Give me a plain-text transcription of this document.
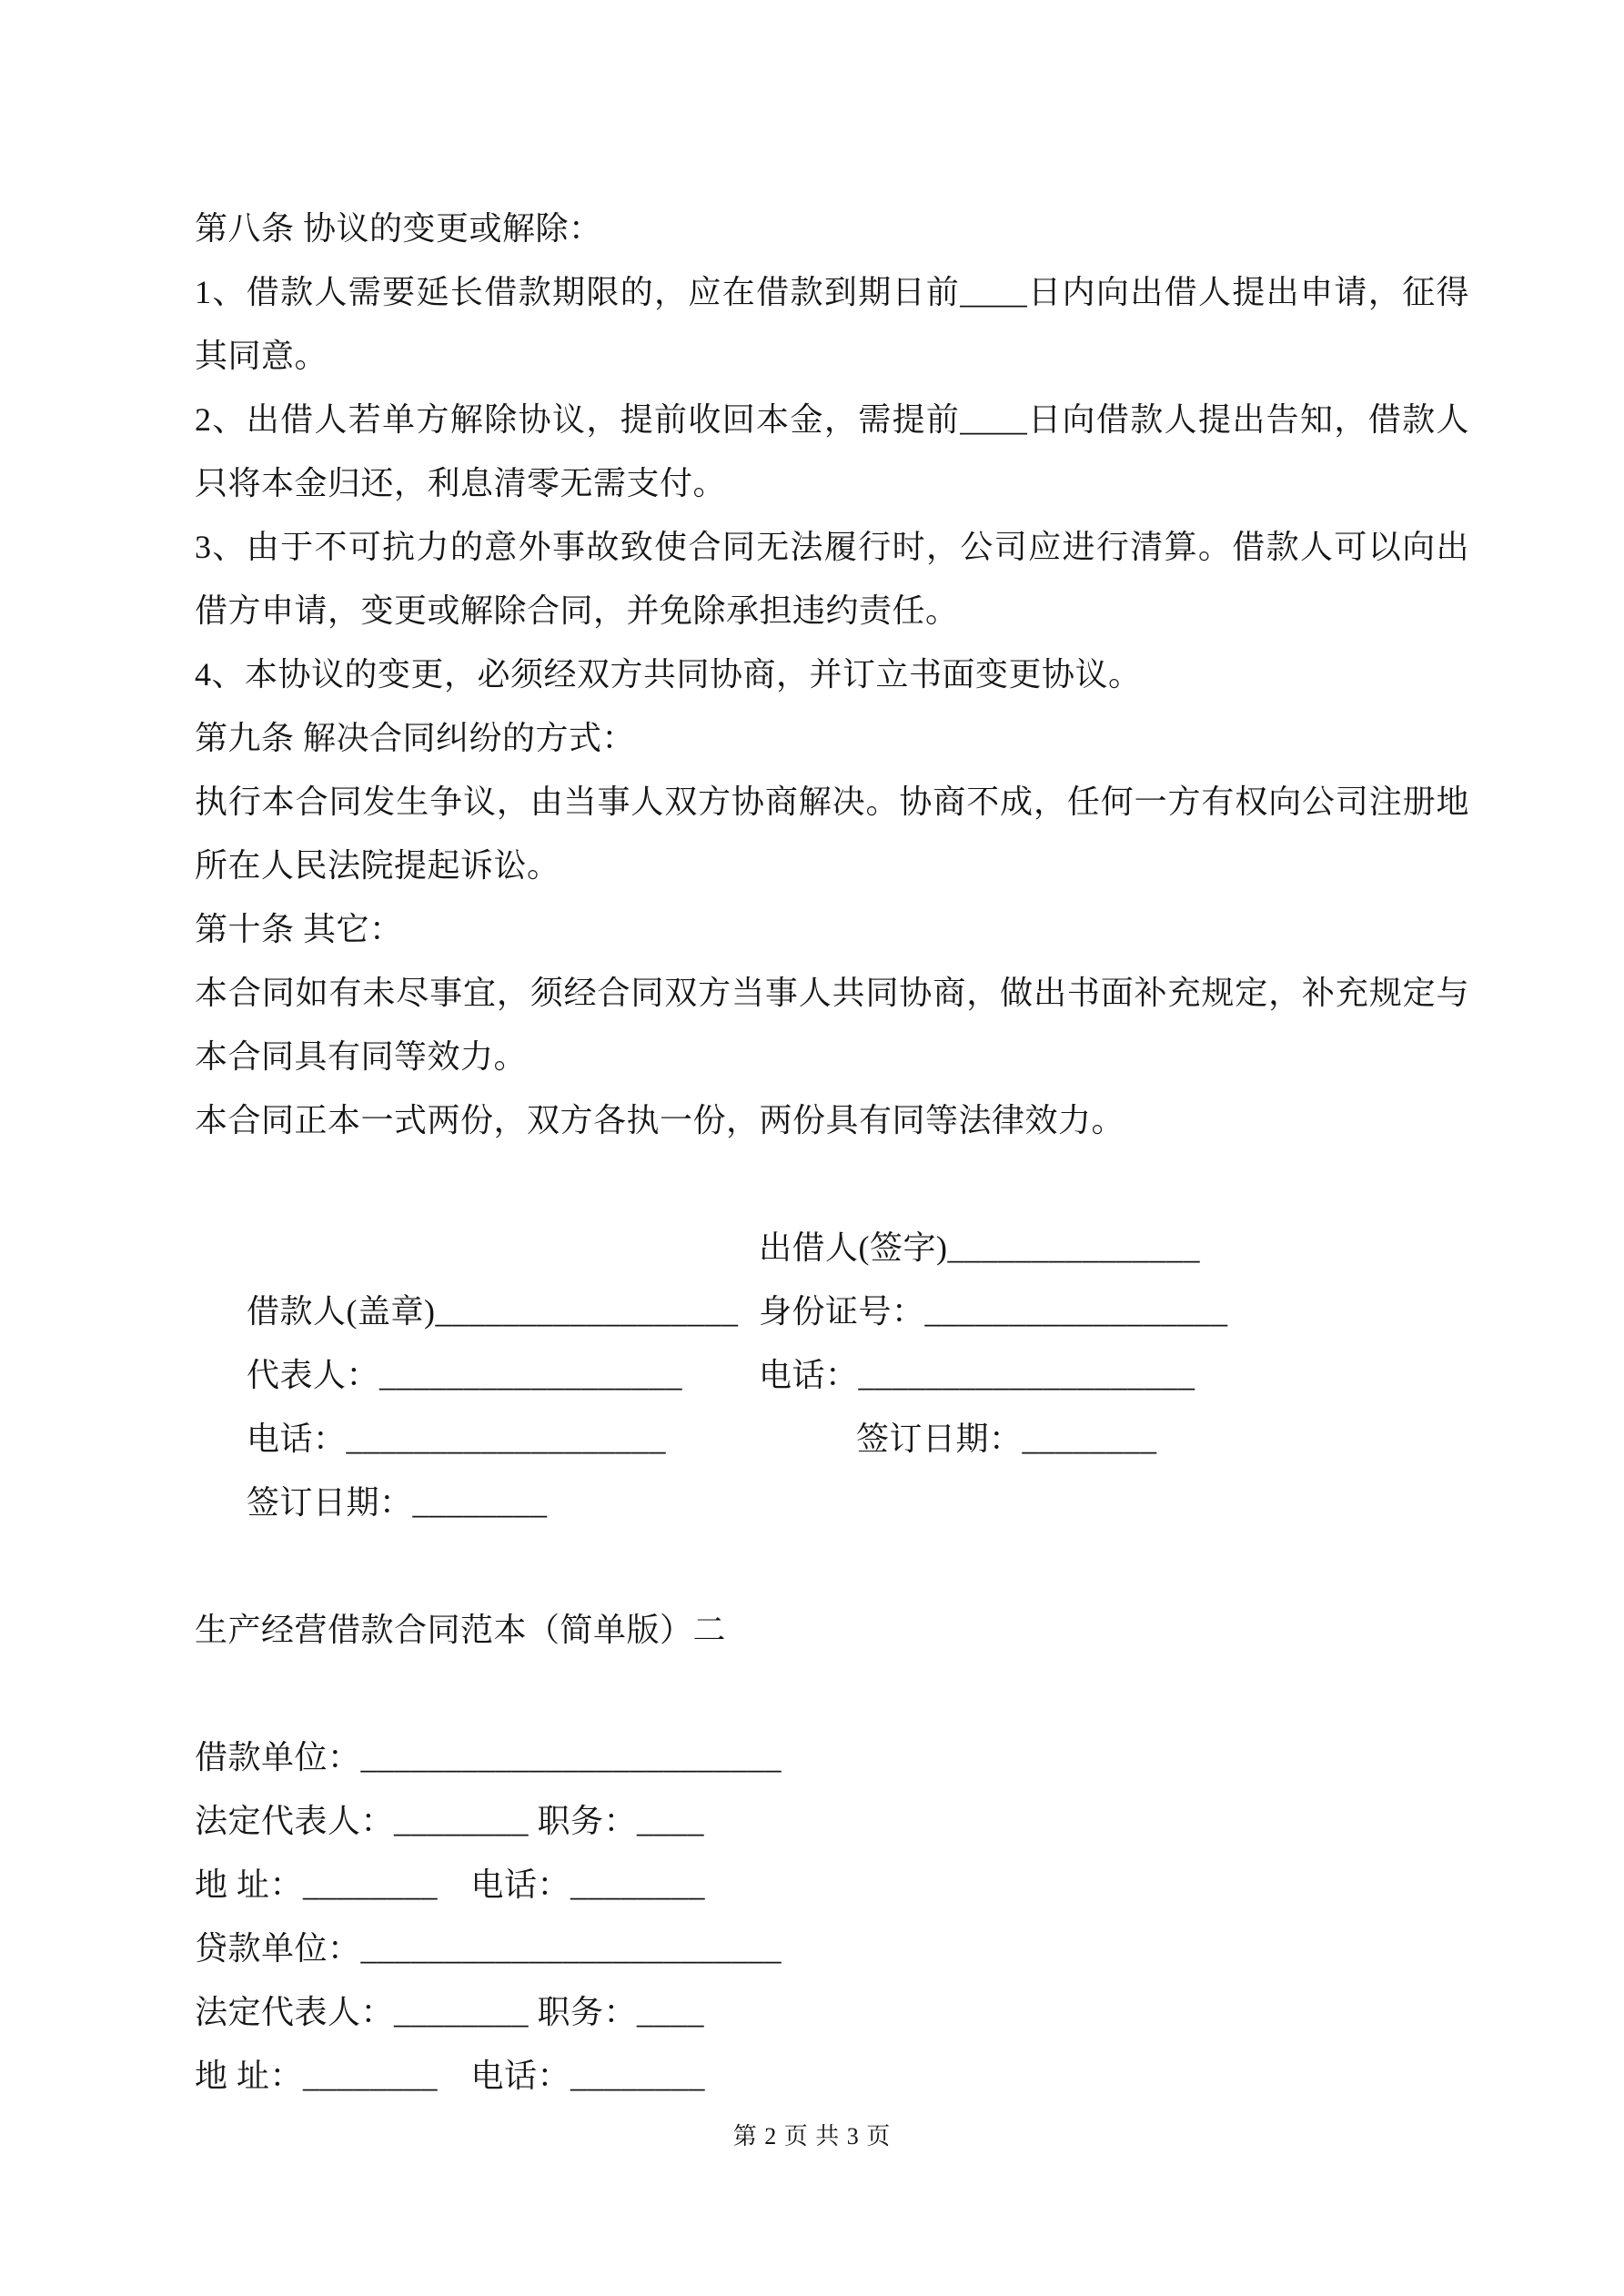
第八条 协议的变更或解除：
1、借款人需要延长借款期限的，应在借款到期日前____日内向出借人提出申请，征得
其同意。
2、出借人若单方解除协议，提前收回本金，需提前____日向借款人提出告知，借款人
只将本金归还，利息清零无需支付。
3、由于不可抗力的意外事故致使合同无法履行时，公司应进行清算。借款人可以向出
借方申请，变更或解除合同，并免除承担违约责任。
4、本协议的变更，必须经双方共同协商，并订立书面变更协议。
第九条 解决合同纠纷的方式：
执行本合同发生争议，由当事人双方协商解决。协商不成，任何一方有权向公司注册地
所在人民法院提起诉讼。
第十条 其它：
本合同如有未尽事宜，须经合同双方当事人共同协商，做出书面补充规定，补充规定与
本合同具有同等效力。
本合同正本一式两份，双方各执一份，两份具有同等法律效力。

借款人(盖章)__________________

出借人(签字)_______________

代表人：__________________

身份证号：__________________

电话：___________________

电话：____________________

签订日期：________

签订日期：________

生产经营借款合同范本（简单版）二
借款单位：_________________________
法定代表人：________ 职务：____
地 址：________　电话：________
贷款单位：_________________________
法定代表人：________ 职务：____
地 址：________　电话：________
第 2 页 共 3 页
